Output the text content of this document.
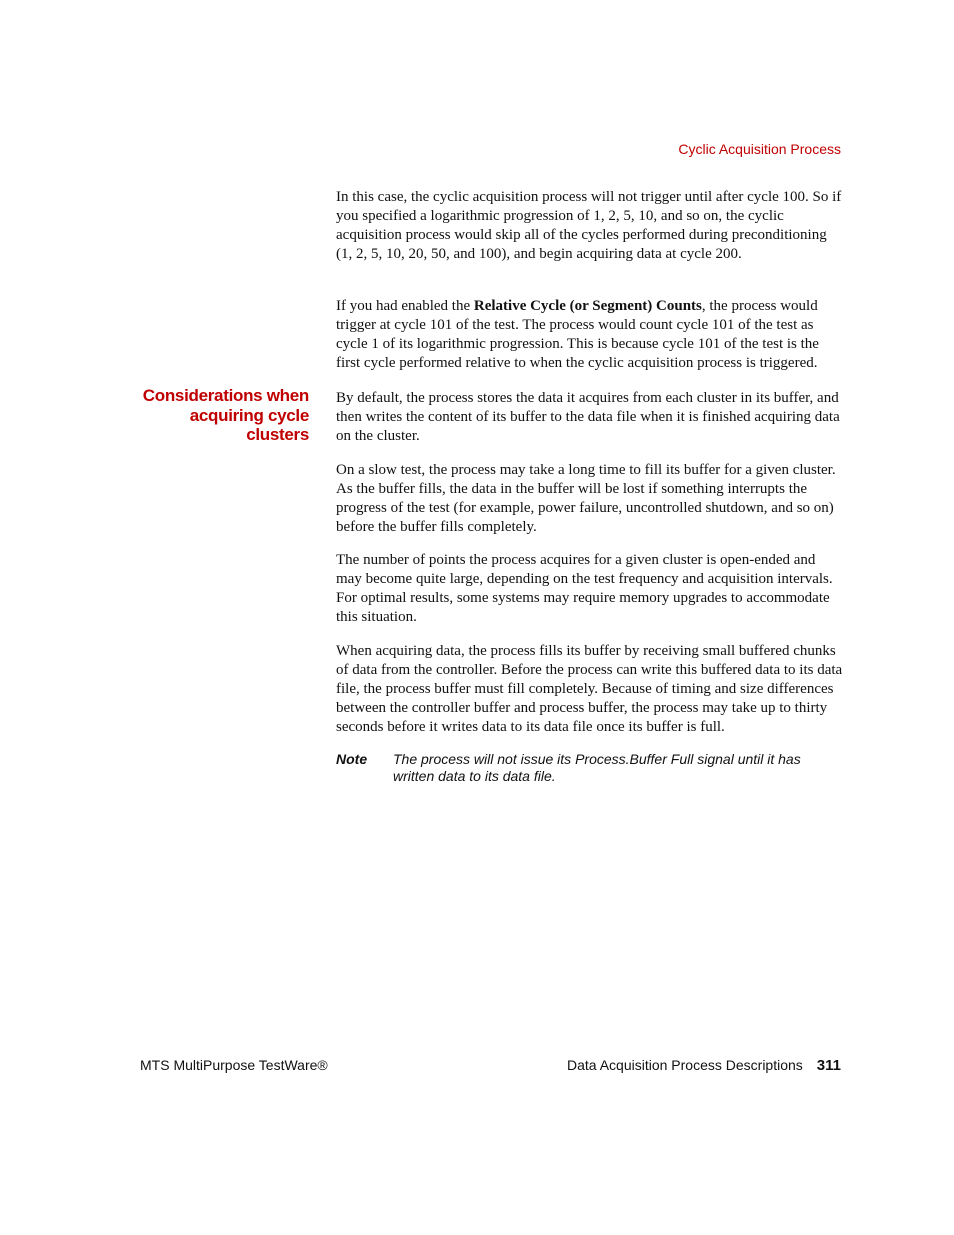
Cyclic Acquisition Process

In this case, the cyclic acquisition process will not trigger until after cycle 100. So if you specified a logarithmic progression of 1, 2, 5, 10, and so on, the cyclic acquisition process would skip all of the cycles performed during preconditioning (1, 2, 5, 10, 20, 50, and 100), and begin acquiring data at cycle 200.

If you had enabled the Relative Cycle (or Segment) Counts, the process would trigger at cycle 101 of the test. The process would count cycle 101 of the test as cycle 1 of its logarithmic progression. This is because cycle 101 of the test is the first cycle performed relative to when the cyclic acquisition process is triggered.

Considerations when
acquiring cycle
clusters

By default, the process stores the data it acquires from each cluster in its buffer, and then writes the content of its buffer to the data file when it is finished acquiring data on the cluster.

On a slow test, the process may take a long time to fill its buffer for a given cluster. As the buffer fills, the data in the buffer will be lost if something interrupts the progress of the test (for example, power failure, uncontrolled shutdown, and so on) before the buffer fills completely.

The number of points the process acquires for a given cluster is open-ended and may become quite large, depending on the test frequency and acquisition intervals. For optimal results, some systems may require memory upgrades to accommodate this situation.

When acquiring data, the process fills its buffer by receiving small buffered chunks of data from the controller. Before the process can write this buffered data to its data file, the process buffer must fill completely. Because of timing and size differences between the controller buffer and process buffer, the process may take up to thirty seconds before it writes data to its data file once its buffer is full.

Note The process will not issue its Process.Buffer Full signal until it has written data to its data file.

MTS MultiPurpose TestWare®	Data Acquisition Process Descriptions 311
